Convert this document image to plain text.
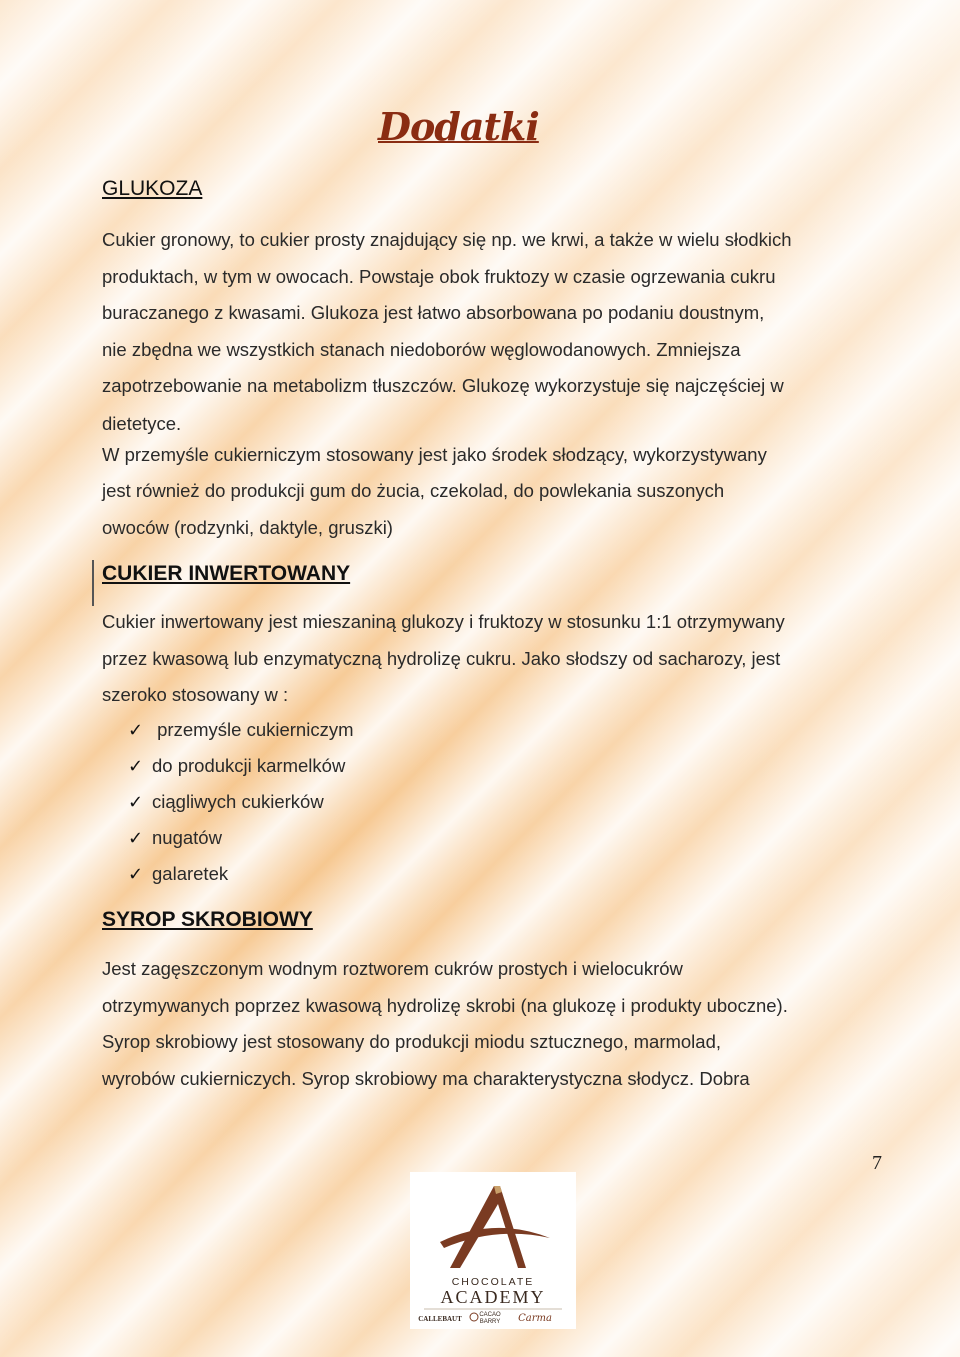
Dodatki
GLUKOZA
Cukier gronowy, to cukier prosty znajdujący się np. we krwi, a także w wielu słodkich
produktach, w tym w owocach. Powstaje obok fruktozy w czasie ogrzewania cukru
buraczanego z kwasami. Glukoza jest łatwo absorbowana po podaniu doustnym,
nie zbędna we wszystkich stanach niedoborów węglowodanowych. Zmniejsza
zapotrzebowanie na metabolizm tłuszczów. Glukozę wykorzystuje się najczęściej w
dietetyce.
W przemyśle cukierniczym stosowany jest jako środek słodzący, wykorzystywany
jest również do produkcji gum do żucia, czekolad, do powlekania suszonych
owoców (rodzynki, daktyle, gruszki)
CUKIER INWERTOWANY
Cukier inwertowany jest mieszaniną glukozy i fruktozy w stosunku 1:1 otrzymywany
przez kwasową lub enzymatyczną hydrolizę cukru. Jako słodszy od sacharozy, jest
szeroko stosowany w :
✓ przemyśle cukierniczym
✓ do produkcji karmelków
✓ ciągliwych cukierków
✓ nugatów
✓ galaretek
SYROP SKROBIOWY
Jest zagęszczonym wodnym roztworem cukrów prostych i wielocukrów
otrzymywanych poprzez kwasową hydrolizę skrobi (na glukozę i produkty uboczne).
Syrop skrobiowy jest stosowany do produkcji miodu sztucznego, marmolad,
wyrobów cukierniczych. Syrop skrobiowy ma charakterystyczna słodycz. Dobra
7
CHOCOLATE
ACADEMY
CALLEBAUT	CACAO
BARRY Carma
